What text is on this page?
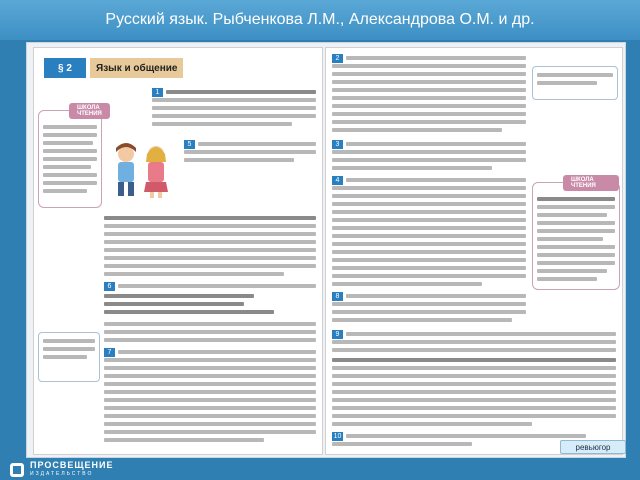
Русский язык. Рыбченкова Л.М., Александрова О.М. и др.
§ 2	Язык и общение
1
5
ШКОЛА ЧТЕНИЯ
6
7
2
3
4	ШКОЛА ЧТЕНИЯ
8
9
10
6
ревьюгор
ПРОСВЕЩЕНИЕ
ИЗДАТЕЛЬСТВО
